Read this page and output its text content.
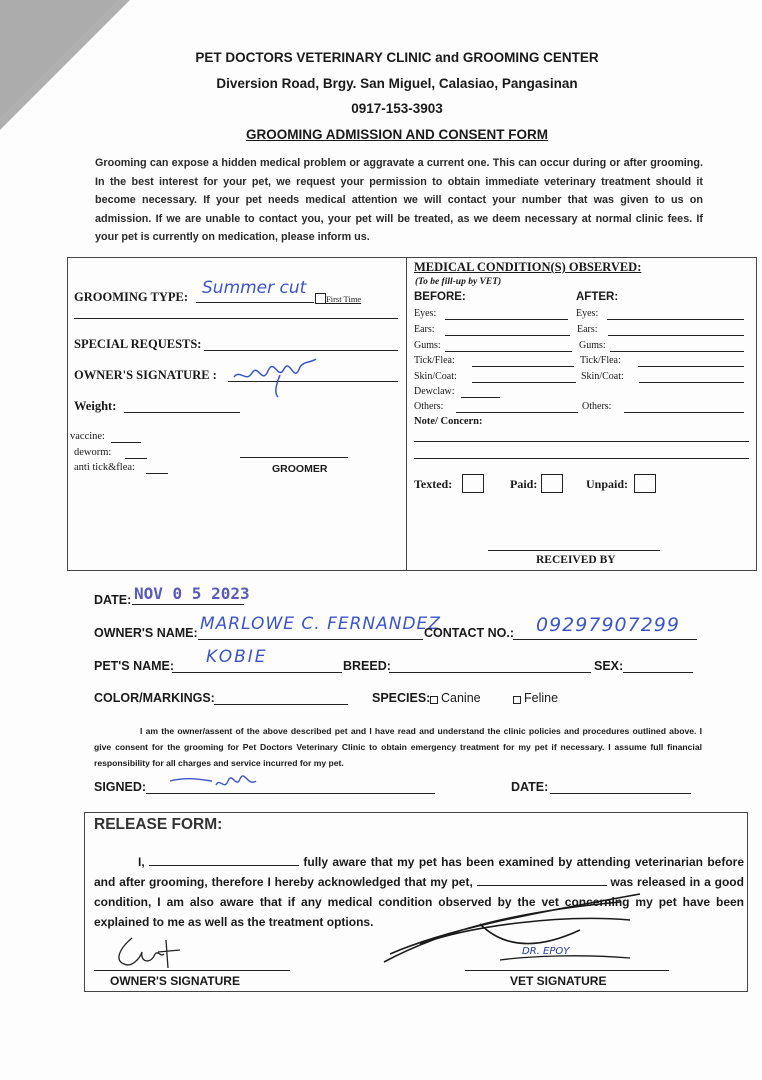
PET DOCTORS VETERINARY CLINIC and GROOMING CENTER
Diversion Road, Brgy. San Miguel, Calasiao, Pangasinan
0917-153-3903
GROOMING ADMISSION AND CONSENT FORM
Grooming can expose a hidden medical problem or aggravate a current one. This can occur during or after grooming. In the best interest for your pet, we request your permission to obtain immediate veterinary treatment should it become necessary. If your pet needs medical attention we will contact your number that was given to us on admission. If we are unable to contact you, your pet will be treated, as we deem necessary at normal clinic fees. If your pet is currently on medication, please inform us.
GROOMING TYPE: Summer cut
First Time
SPECIAL REQUESTS:
OWNER'S SIGNATURE :
Weight:
vaccine:
deworm:
anti tick&flea:	GROOMER
MEDICAL CONDITION(S) OBSERVED:
(To be fill-up by VET)
BEFORE:	AFTER:
Eyes:	Eyes:
Ears:	Ears:
Gums:	Gums:
Tick/Flea:	Tick/Flea:
Skin/Coat:	Skin/Coat:
Dewclaw:
Others:	Others:
Note/ Concern:
Texted:	Paid:	Unpaid:
RECEIVED BY
DATE: NOV 0 5 2023
OWNER'S NAME: MARLOWE C. FERNANDEZ
CONTACT NO.: 09297907299
PET'S NAME: KOBIE	BREED:	SEX:
COLOR/MARKINGS:	SPECIES: Canine	Feline
I am the owner/assent of the above described pet and I have read and understand the clinic policies and procedures outlined above. I give consent for the grooming for Pet Doctors Veterinary Clinic to obtain emergency treatment for my pet if necessary. I assume full financial responsibility for all charges and service incurred for my pet.
SIGNED:	DATE:
RELEASE FORM:
I,	fully aware that my pet has been examined by attending veterinarian before and after grooming, therefore I hereby acknowledged that my pet,	was released in a good condition, I am also aware that if any medical condition observed by the vet concerning my pet have been explained to me as well as the treatment options.
OWNER'S SIGNATURE
DR. EPOY
VET SIGNATURE
